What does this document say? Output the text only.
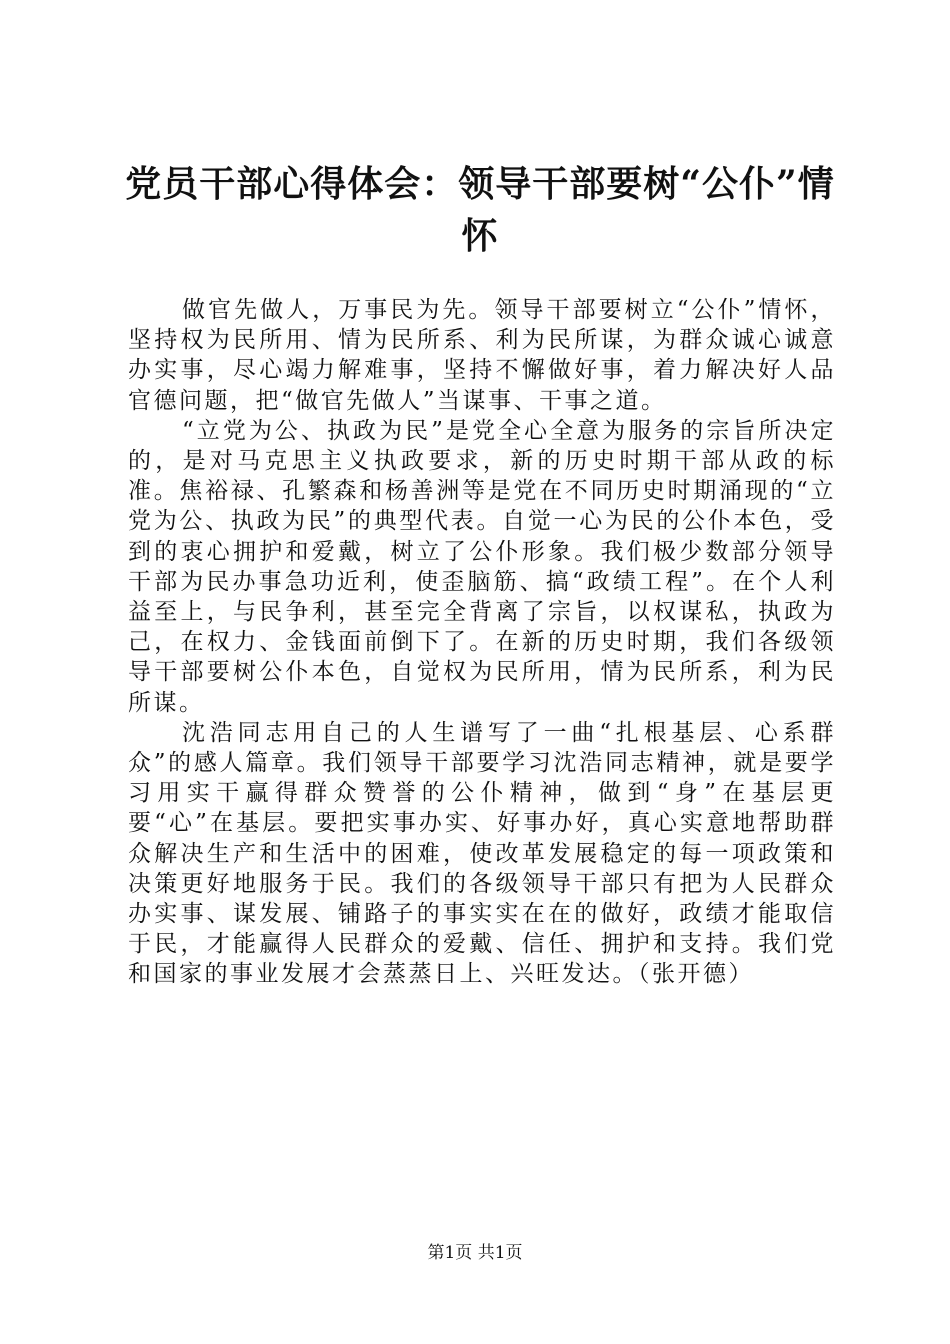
党员干部心得体会：领导干部要树“公仆”情怀

做官先做人，万事民为先。领导干部要树立“公仆”情怀，坚持权为民所用、情为民所系、利为民所谋，为群众诚心诚意办实事，尽心竭力解难事，坚持不懈做好事，着力解决好人品官德问题，把“做官先做人”当谋事、干事之道。

“立党为公、执政为民”是党全心全意为服务的宗旨所决定的，是对马克思主义执政要求，新的历史时期干部从政的标准。焦裕禄、孔繁森和杨善洲等是党在不同历史时期涌现的“立党为公、执政为民”的典型代表。自觉一心为民的公仆本色，受到的衷心拥护和爱戴，树立了公仆形象。我们极少数部分领导干部为民办事急功近利，使歪脑筋、搞“政绩工程”。在个人利益至上，与民争利，甚至完全背离了宗旨，以权谋私，执政为己，在权力、金钱面前倒下了。在新的历史时期，我们各级领导干部要树公仆本色，自觉权为民所用，情为民所系，利为民所谋。

沈浩同志用自己的人生谱写了一曲“扎根基层、心系群众”的感人篇章。我们领导干部要学习沈浩同志精神，就是要学习用实干赢得群众赞誉的公仆精神，做到“身”在基层更要“心”在基层。要把实事办实、好事办好，真心实意地帮助群众解决生产和生活中的困难，使改革发展稳定的每一项政策和决策更好地服务于民。我们的各级领导干部只有把为人民群众办实事、谋发展、铺路子的事实实在在的做好，政绩才能取信于民，才能赢得人民群众的爱戴、信任、拥护和支持。我们党和国家的事业发展才会蒸蒸日上、兴旺发达。（张开德）

第1页 共1页
